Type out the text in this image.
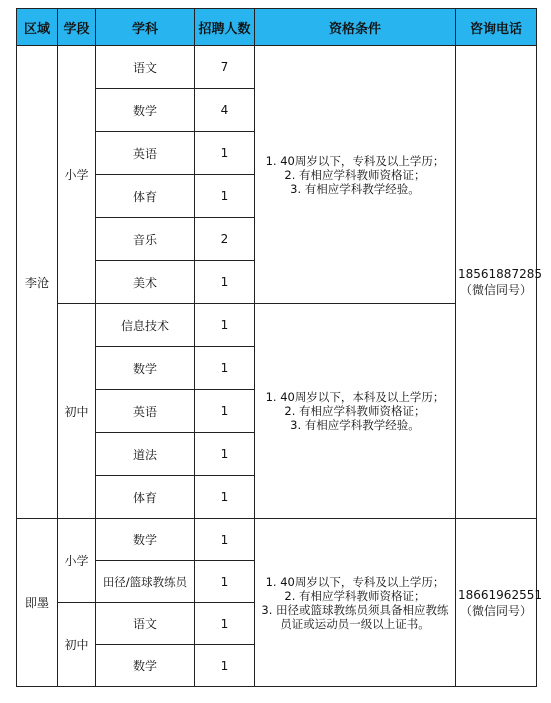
区域	学段	学科	招聘人数	资格条件	咨询电话
李沧	小学	语文	7	1. 40周岁以下，专科及以上学历；
2. 有相应学科教师资格证；
3. 有相应学科教学经验。	18561887285
（微信同号）

		数学	4		
		英语	1		
		体育	1		
		音乐	2		
		美术	1		
	初中	信息技术	1	1. 40周岁以下，本科及以上学历；
2. 有相应学科教师资格证；
3. 有相应学科教学经验。	

		数学	1		
		英语	1		
		道法	1		
		体育	1		
即墨	小学	数学	1	1. 40周岁以下，专科及以上学历；
2. 有相应学科教师资格证；
3. 田径或篮球教练员须具备相应教练员证或运动员一级以上证书。	18661962551
（微信同号）

		田径/篮球教练员	1		
	初中	语文	1		
		数学	1		
